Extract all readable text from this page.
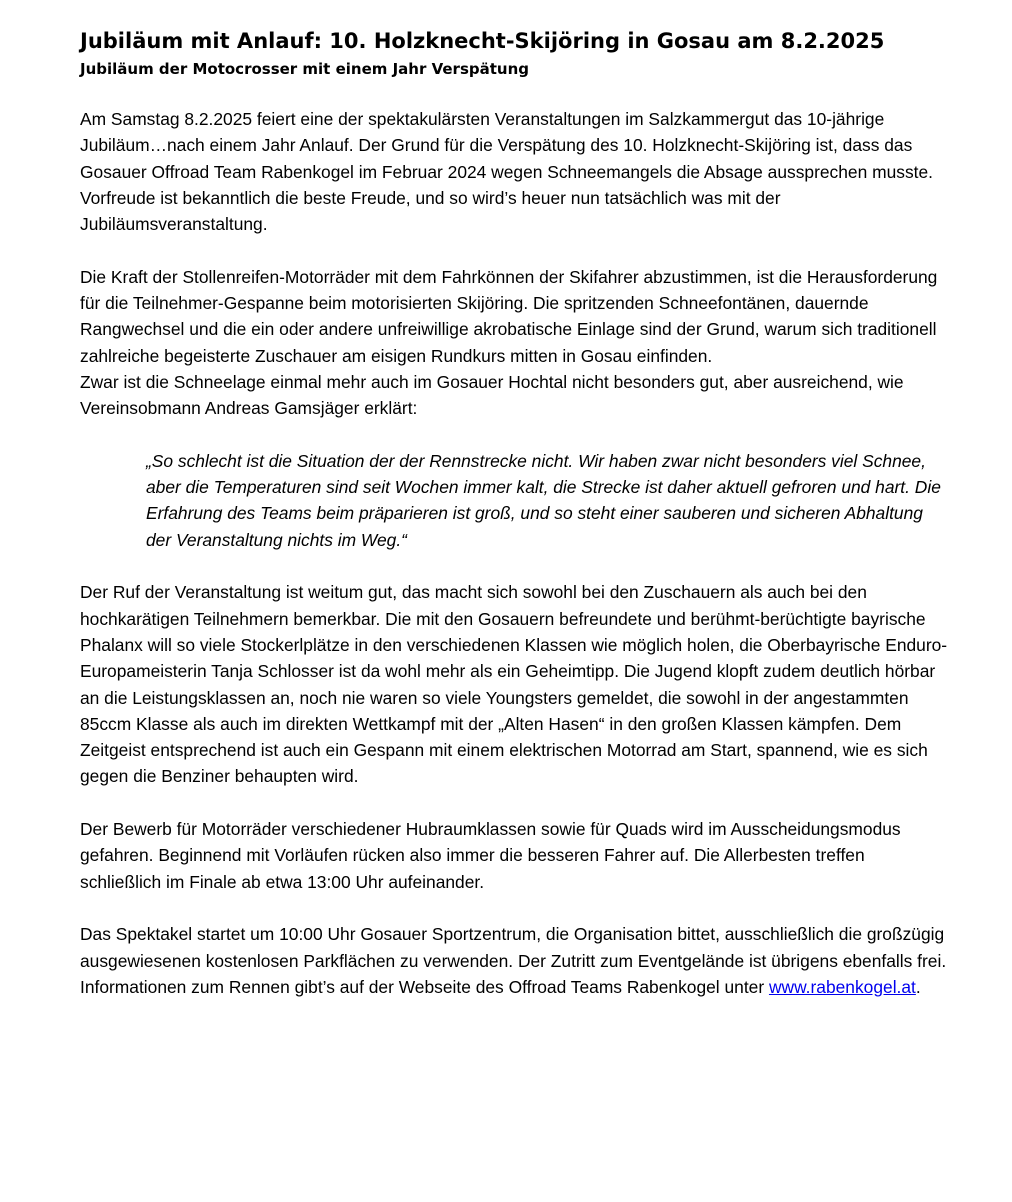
Jubiläum mit Anlauf: 10. Holzknecht-Skijöring in Gosau am 8.2.2025
Jubiläum der Motocrosser mit einem Jahr Verspätung

Am Samstag 8.2.2025 feiert eine der spektakulärsten Veranstaltungen im Salzkammergut das 10-jährige Jubiläum…nach einem Jahr Anlauf. Der Grund für die Verspätung des 10. Holzknecht-Skijöring ist, dass das Gosauer Offroad Team Rabenkogel im Februar 2024 wegen Schneemangels die Absage aussprechen musste. Vorfreude ist bekanntlich die beste Freude, und so wird’s heuer nun tatsächlich was mit der Jubiläumsveranstaltung.

Die Kraft der Stollenreifen-Motorräder mit dem Fahrkönnen der Skifahrer abzustimmen, ist die Herausforderung für die Teilnehmer-Gespanne beim motorisierten Skijöring. Die spritzenden Schneefontänen, dauernde Rangwechsel und die ein oder andere unfreiwillige akrobatische Einlage sind der Grund, warum sich traditionell zahlreiche begeisterte Zuschauer am eisigen Rundkurs mitten in Gosau einfinden.

Zwar ist die Schneelage einmal mehr auch im Gosauer Hochtal nicht besonders gut, aber ausreichend, wie Vereinsobmann Andreas Gamsjäger erklärt:

„So schlecht ist die Situation der der Rennstrecke nicht. Wir haben zwar nicht besonders viel Schnee, aber die Temperaturen sind seit Wochen immer kalt, die Strecke ist daher aktuell gefroren und hart. Die Erfahrung des Teams beim präparieren ist groß, und so steht einer sauberen und sicheren Abhaltung der Veranstaltung nichts im Weg.“

Der Ruf der Veranstaltung ist weitum gut, das macht sich sowohl bei den Zuschauern als auch bei den hochkarätigen Teilnehmern bemerkbar. Die mit den Gosauern befreundete und berühmt-berüchtigte bayrische Phalanx will so viele Stockerlplätze in den verschiedenen Klassen wie möglich holen, die Oberbayrische Enduro-Europameisterin Tanja Schlosser ist da wohl mehr als ein Geheimtipp. Die Jugend klopft zudem deutlich hörbar an die Leistungsklassen an, noch nie waren so viele Youngsters gemeldet, die sowohl in der angestammten 85ccm Klasse als auch im direkten Wettkampf mit der „Alten Hasen“ in den großen Klassen kämpfen. Dem Zeitgeist entsprechend ist auch ein Gespann mit einem elektrischen Motorrad am Start, spannend, wie es sich gegen die Benziner behaupten wird.

Der Bewerb für Motorräder verschiedener Hubraumklassen sowie für Quads wird im Ausscheidungsmodus gefahren. Beginnend mit Vorläufen rücken also immer die besseren Fahrer auf. Die Allerbesten treffen schließlich im Finale ab etwa 13:00 Uhr aufeinander.

Das Spektakel startet um 10:00 Uhr Gosauer Sportzentrum, die Organisation bittet, ausschließlich die großzügig ausgewiesenen kostenlosen Parkflächen zu verwenden. Der Zutritt zum Eventgelände ist übrigens ebenfalls frei. Informationen zum Rennen gibt’s auf der Webseite des Offroad Teams Rabenkogel unter www.rabenkogel.at.
